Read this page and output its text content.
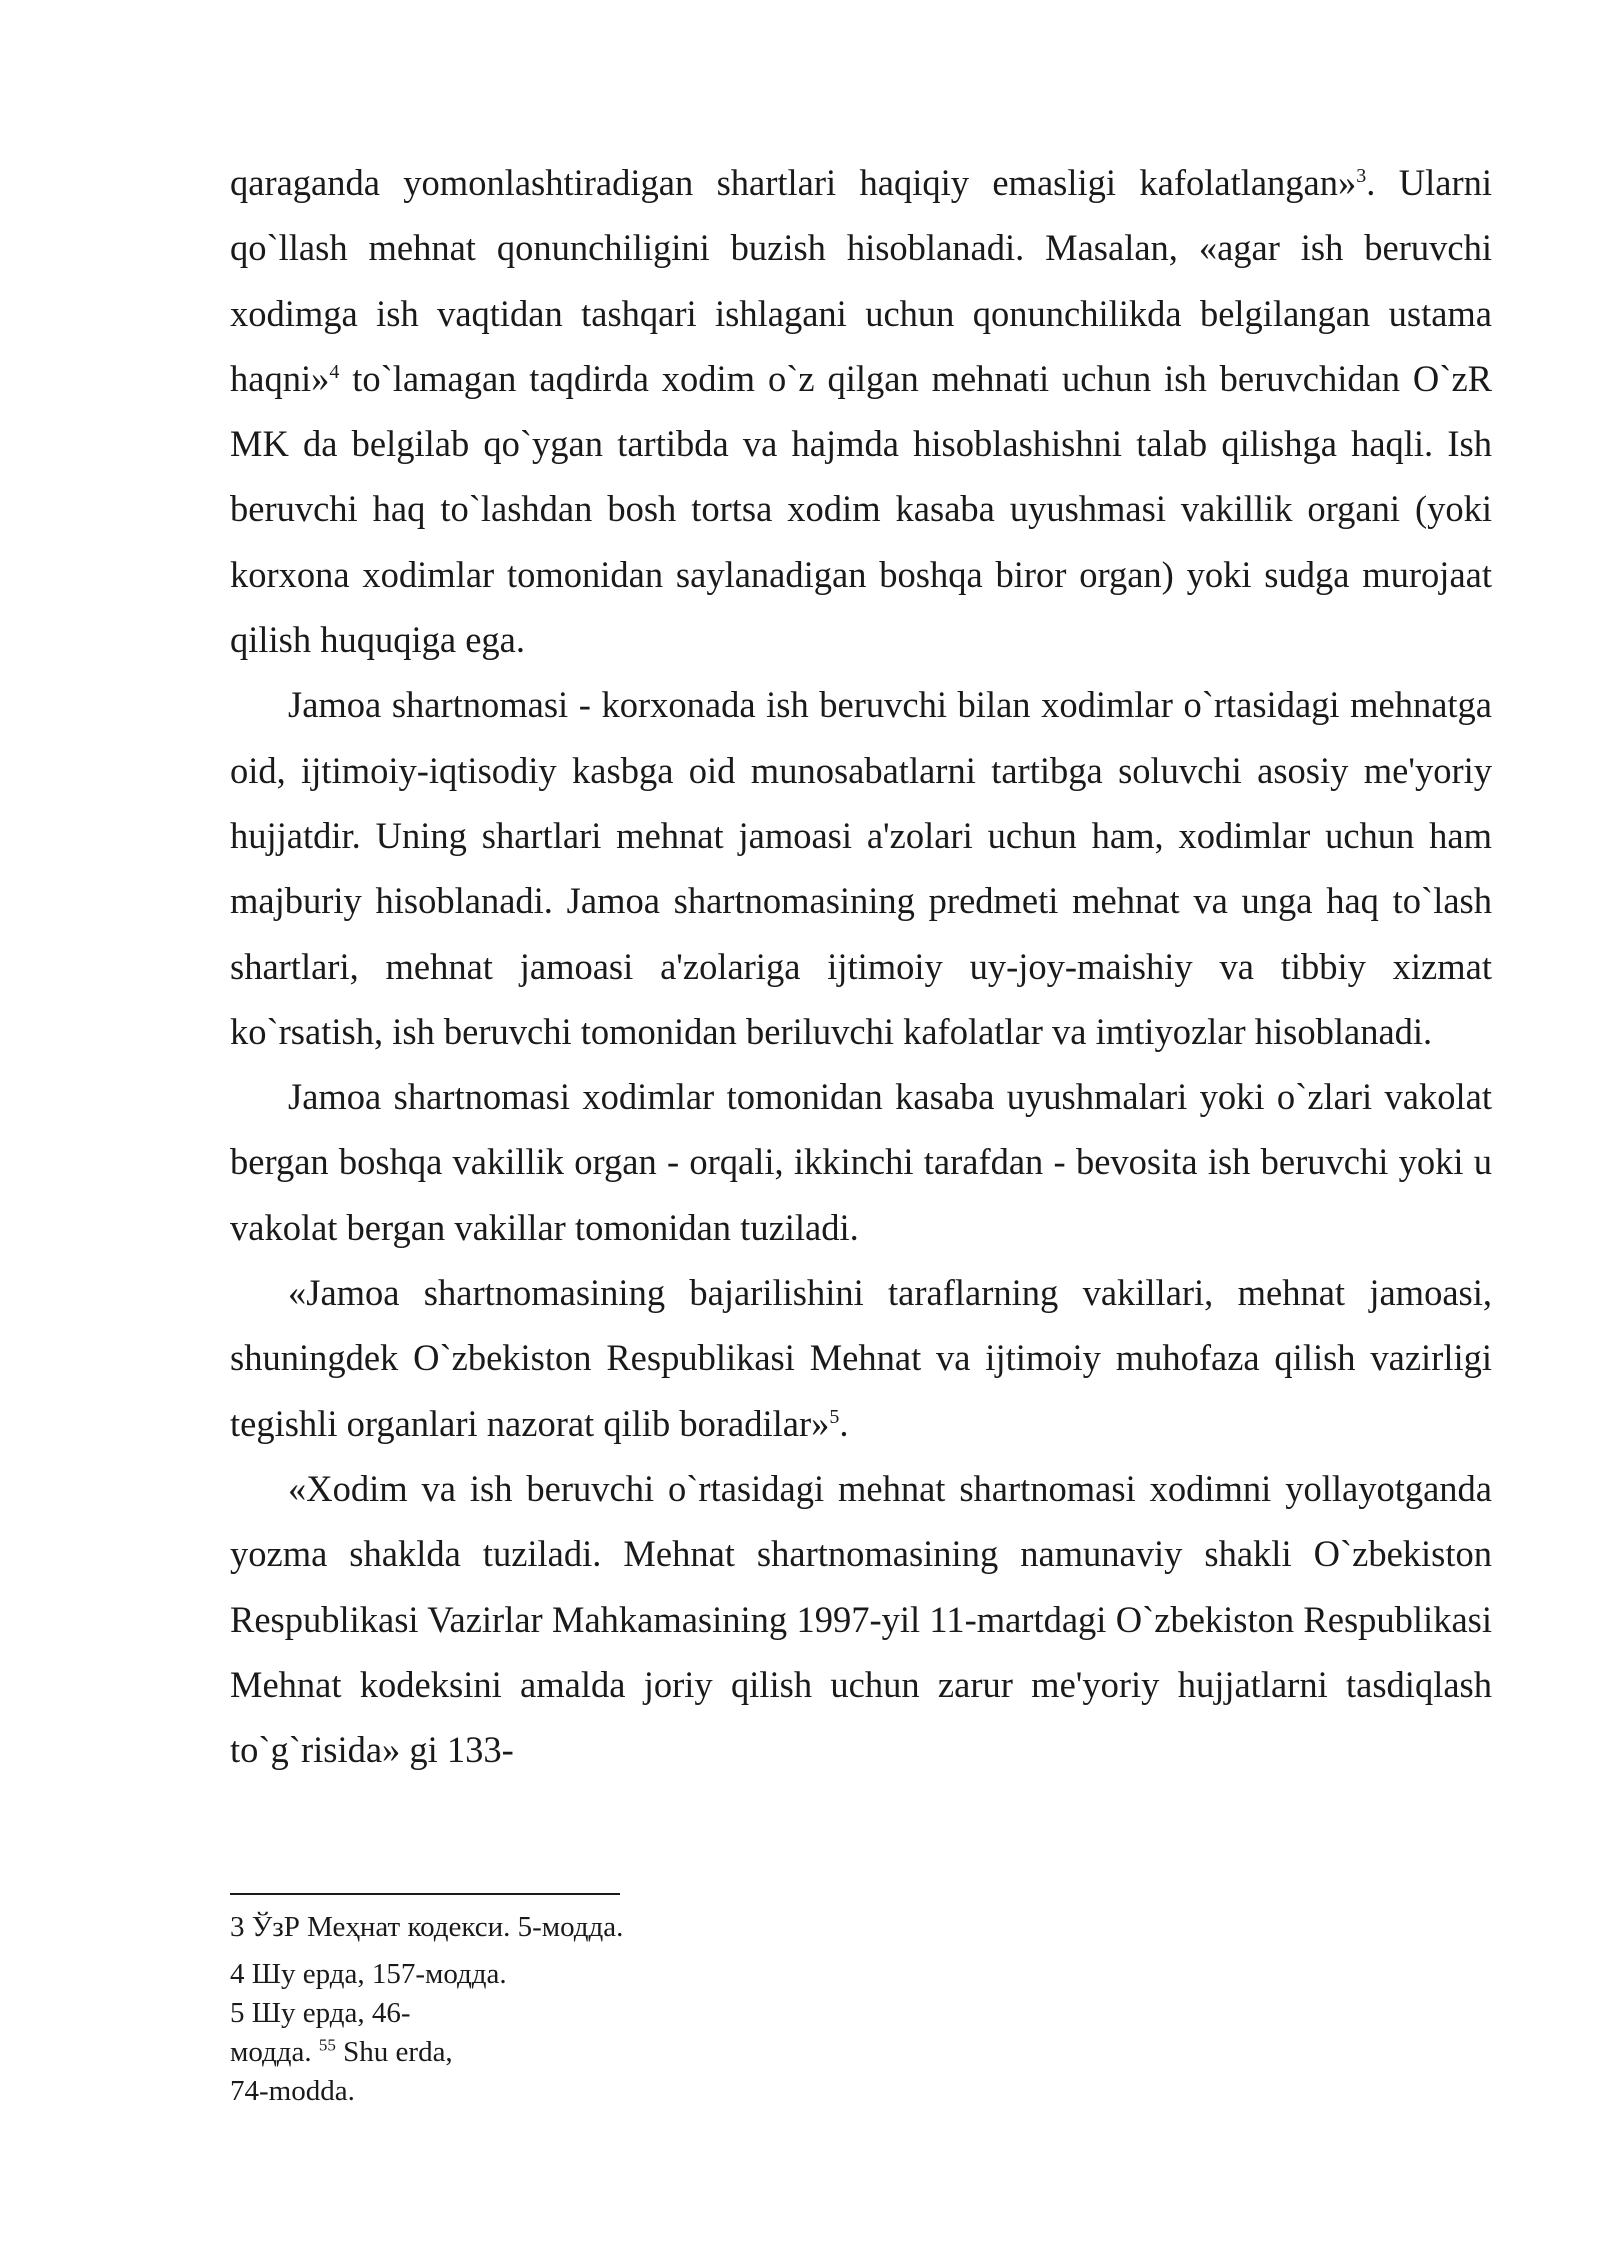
qaraganda yomonlashtiradigan shartlari haqiqiy emasligi kafolatlangan»$^3$. Ularni qo`llash mehnat qonunchiligini buzish hisoblanadi. Masalan, «agar ish beruvchi xodimga ish vaqtidan tashqari ishlagani uchun qonunchilikda belgilangan ustama haqni»$^4$ to`lamagan taqdirda xodim o`z qilgan mehnati uchun ish beruvchidan O`zR MK da belgilab qo`ygan tartibda va hajmda hisoblashishni talab qilishga haqli. Ish beruvchi haq to`lashdan bosh tortsa xodim kasaba uyushmasi vakillik organi (yoki korxona xodimlar tomonidan saylanadigan boshqa biror organ) yoki sudga murojaat qilish huquqiga ega.

Jamoa shartnomasi - korxonada ish beruvchi bilan xodimlar o`rtasidagi mehnatga oid, ijtimoiy-iqtisodiy kasbga oid munosabatlarni tartibga soluvchi asosiy me'yoriy hujjatdir. Uning shartlari mehnat jamoasi a'zolari uchun ham, xodimlar uchun ham majburiy hisoblanadi. Jamoa shartnomasining predmeti mehnat va unga haq to`lash shartlari, mehnat jamoasi a'zolariga ijtimoiy uy-joy-maishiy va tibbiy xizmat ko`rsatish, ish beruvchi tomonidan beriluvchi kafolatlar va imtiyozlar hisoblanadi.

Jamoa shartnomasi xodimlar tomonidan kasaba uyushmalari yoki o`zlari vakolat bergan boshqa vakillik organ - orqali, ikkinchi tarafdan - bevosita ish beruvchi yoki u vakolat bergan vakillar tomonidan tuziladi.

«Jamoa shartnomasining bajarilishini taraflarning vakillari, mehnat jamoasi, shuningdek O`zbekiston Respublikasi Mehnat va ijtimoiy muhofaza qilish vazirligi tegishli organlari nazorat qilib boradilar»$^5$.

«Xodim va ish beruvchi o`rtasidagi mehnat shartnomasi xodimni yollayotganda yozma shaklda tuziladi. Mehnat shartnomasining namunaviy shakli O`zbekiston Respublikasi Vazirlar Mahkamasining 1997-yil 11-martdagi O`zbekiston Respublikasi Mehnat kodeksini amalda joriy qilish uchun zarur me'yoriy hujjatlarni tasdiqlash to`g`risida» gi 133-

3 ЎзР Меҳнат кодекси. 5-модда.
4 Шу ерда, 157-модда.
5 Шу ерда, 46-
модда. $^{55}$ Shu erda,
74-modda.
